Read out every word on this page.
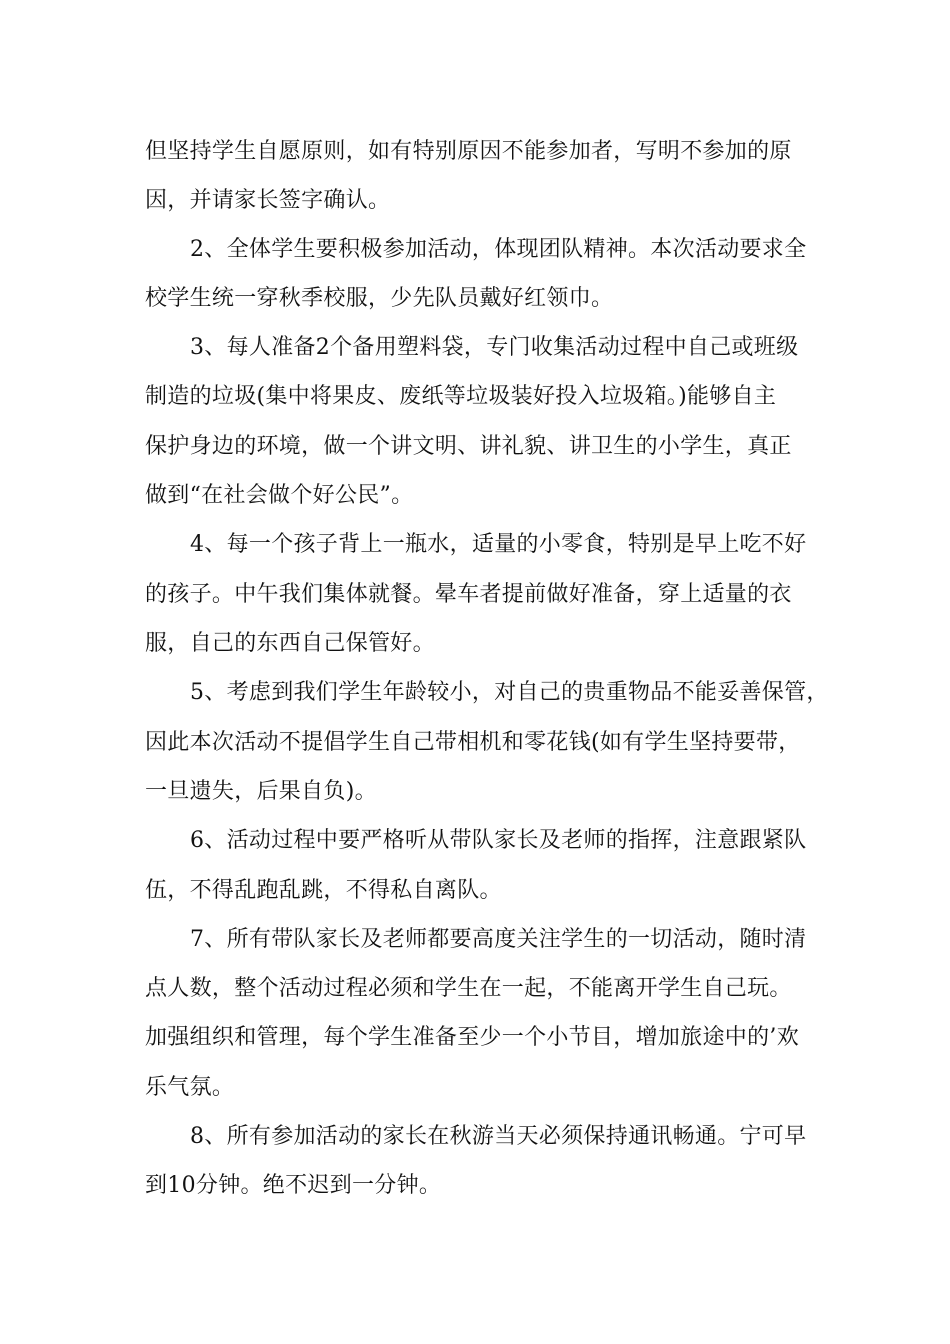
但坚持学生自愿原则，如有特别原因不能参加者，写明不参加的原
因，并请家长签字确认。
2、全体学生要积极参加活动，体现团队精神。本次活动要求全
校学生统一穿秋季校服，少先队员戴好红领巾。
3、每人准备2个备用塑料袋，专门收集活动过程中自己或班级
制造的垃圾(集中将果皮、废纸等垃圾装好投入垃圾箱。)能够自主
保护身边的环境，做一个讲文明、讲礼貌、讲卫生的小学生，真正
做到“在社会做个好公民”。
4、每一个孩子背上一瓶水，适量的小零食，特别是早上吃不好
的孩子。中午我们集体就餐。晕车者提前做好准备，穿上适量的衣
服，自己的东西自己保管好。
5、考虑到我们学生年龄较小，对自己的贵重物品不能妥善保管，
因此本次活动不提倡学生自己带相机和零花钱(如有学生坚持要带，
一旦遗失，后果自负)。
6、活动过程中要严格听从带队家长及老师的指挥，注意跟紧队
伍，不得乱跑乱跳，不得私自离队。
7、所有带队家长及老师都要高度关注学生的一切活动，随时清
点人数，整个活动过程必须和学生在一起，不能离开学生自己玩。
加强组织和管理，每个学生准备至少一个小节目，增加旅途中的’欢
乐气氛。
8、所有参加活动的家长在秋游当天必须保持通讯畅通。宁可早
到10分钟。绝不迟到一分钟。
